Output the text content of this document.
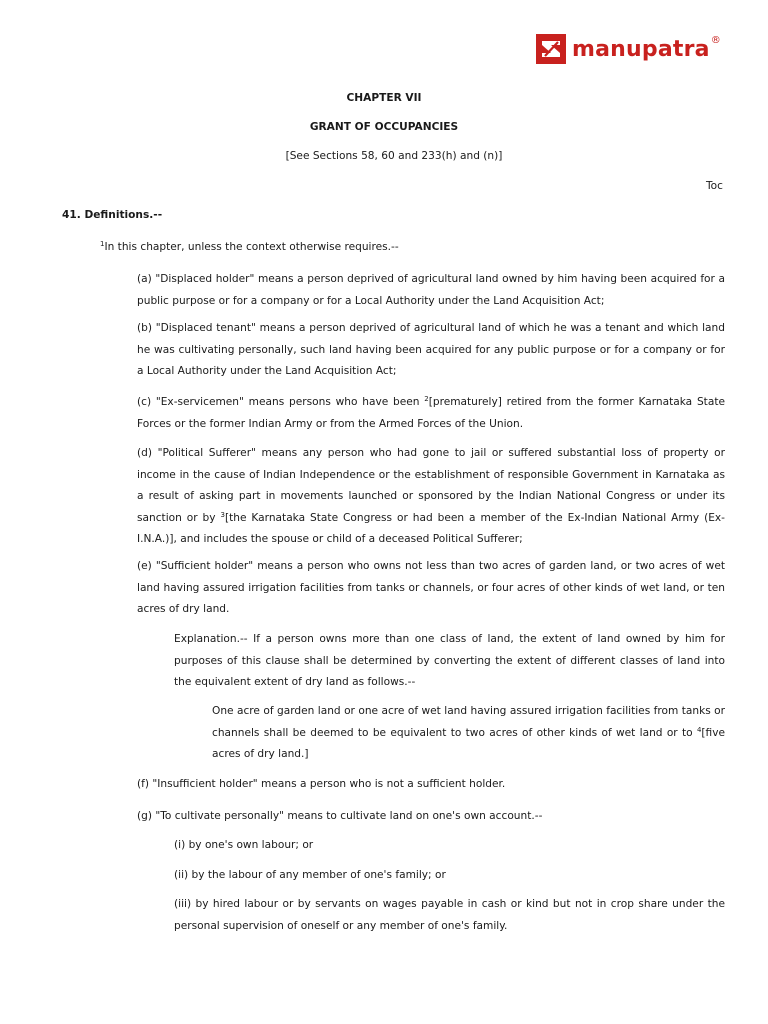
manupatra ®
CHAPTER VII
GRANT OF OCCUPANCIES
[See Sections 58, 60 and 233(h) and (n)]
Toc
41. Definitions.--
$^1$In this chapter, unless the context otherwise requires.--
(a) "Displaced holder" means a person deprived of agricultural land owned by him having been acquired for a public purpose or for a company or for a Local Authority under the Land Acquisition Act;
(b) "Displaced tenant" means a person deprived of agricultural land of which he was a tenant and which land he was cultivating personally, such land having been acquired for any public purpose or for a company or for a Local Authority under the Land Acquisition Act;
(c) "Ex-servicemen" means persons who have been $^2$[prematurely] retired from the former Karnataka State Forces or the former Indian Army or from the Armed Forces of the Union.
(d) "Political Sufferer" means any person who had gone to jail or suffered substantial loss of property or income in the cause of Indian Independence or the establishment of responsible Government in Karnataka as a result of asking part in movements launched or sponsored by the Indian National Congress or under its sanction or by $^3$[the Karnataka State Congress or had been a member of the Ex-Indian National Army (Ex-I.N.A.)], and includes the spouse or child of a deceased Political Sufferer;
(e) "Sufficient holder" means a person who owns not less than two acres of garden land, or two acres of wet land having assured irrigation facilities from tanks or channels, or four acres of other kinds of wet land, or ten acres of dry land.
Explanation.-- If a person owns more than one class of land, the extent of land owned by him for purposes of this clause shall be determined by converting the extent of different classes of land into the equivalent extent of dry land as follows.--
One acre of garden land or one acre of wet land having assured irrigation facilities from tanks or channels shall be deemed to be equivalent to two acres of other kinds of wet land or to $^4$[five acres of dry land.]
(f) "Insufficient holder" means a person who is not a sufficient holder.
(g) "To cultivate personally" means to cultivate land on one's own account.--
(i) by one's own labour; or
(ii) by the labour of any member of one's family; or
(iii) by hired labour or by servants on wages payable in cash or kind but not in crop share under the personal supervision of oneself or any member of one's family.
